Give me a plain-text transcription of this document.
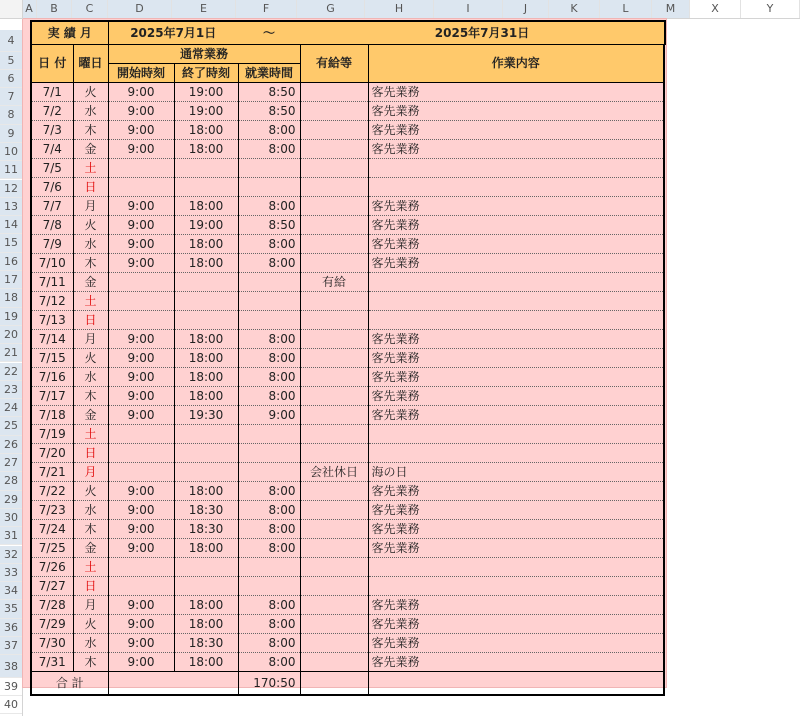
A	B	C	D	E	F	G	H	I	J	K	L	M	X	Y
4
5
6
7
8
9
10
11
12
13
14
15
16
17
18
19
20
21
22
23
24
25
26
27
28
29
30
31
32
33
34
35
36
37
38
39
40
実 績 月		2025年7月1日		～	2025年7月31日		
日 付	曜日	通常業務			有給等	作業内容	
		開始時刻	終了時刻	就業時間			
7/1	火	9:00	19:00	8:50		客先業務	
7/2	水	9:00	19:00	8:50		客先業務	
7/3	木	9:00	18:00	8:00		客先業務	
7/4	金	9:00	18:00	8:00		客先業務	
7/5	土						
7/6	日						
7/7	月	9:00	18:00	8:00		客先業務	
7/8	火	9:00	19:00	8:50		客先業務	
7/9	水	9:00	18:00	8:00		客先業務	
7/10	木	9:00	18:00	8:00		客先業務	
7/11	金				有給		
7/12	土						
7/13	日						
7/14	月	9:00	18:00	8:00		客先業務	
7/15	火	9:00	18:00	8:00		客先業務	
7/16	水	9:00	18:00	8:00		客先業務	
7/17	木	9:00	18:00	8:00		客先業務	
7/18	金	9:00	19:30	9:00		客先業務	
7/19	土						
7/20	日						
7/21	月				会社休日	海の日	
7/22	火	9:00	18:00	8:00		客先業務	
7/23	水	9:00	18:30	8:00		客先業務	
7/24	木	9:00	18:30	8:00		客先業務	
7/25	金	9:00	18:00	8:00		客先業務	
7/26	土						
7/27	日						
7/28	月	9:00	18:00	8:00		客先業務	
7/29	火	9:00	18:00	8:00		客先業務	
7/30	水	9:00	18:30	8:00		客先業務	
7/31	木	9:00	18:00	8:00		客先業務	
合 計				170:50			
